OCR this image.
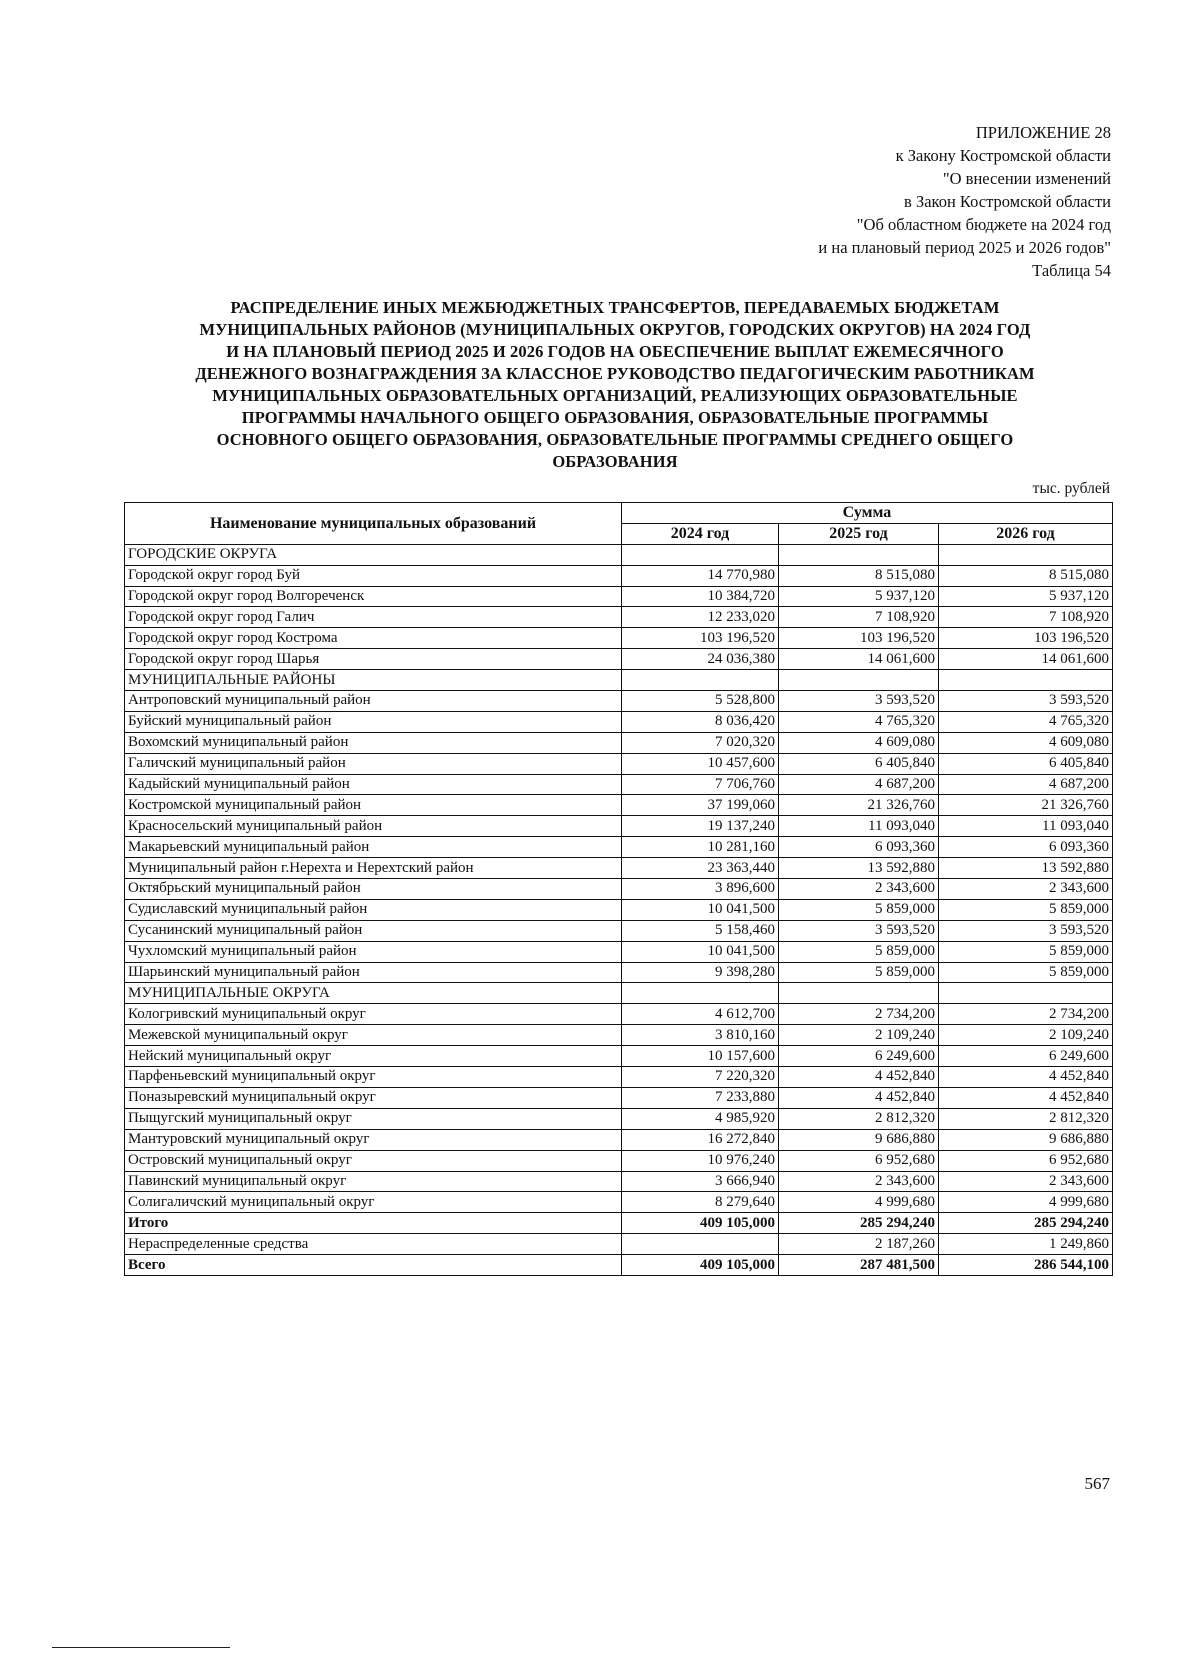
ПРИЛОЖЕНИЕ 28
к Закону Костромской области
"О внесении изменений
в Закон Костромской области
"Об областном бюджете на 2024 год
и на плановый период 2025 и 2026 годов"
Таблица 54
РАСПРЕДЕЛЕНИЕ ИНЫХ МЕЖБЮДЖЕТНЫХ ТРАНСФЕРТОВ, ПЕРЕДАВАЕМЫХ БЮДЖЕТАМ
МУНИЦИПАЛЬНЫХ РАЙОНОВ (МУНИЦИПАЛЬНЫХ ОКРУГОВ, ГОРОДСКИХ ОКРУГОВ) НА 2024 ГОД
И НА ПЛАНОВЫЙ ПЕРИОД 2025 И 2026 ГОДОВ НА ОБЕСПЕЧЕНИЕ ВЫПЛАТ ЕЖЕМЕСЯЧНОГО
ДЕНЕЖНОГО ВОЗНАГРАЖДЕНИЯ ЗА КЛАССНОЕ РУКОВОДСТВО ПЕДАГОГИЧЕСКИМ РАБОТНИКАМ
МУНИЦИПАЛЬНЫХ ОБРАЗОВАТЕЛЬНЫХ ОРГАНИЗАЦИЙ, РЕАЛИЗУЮЩИХ ОБРАЗОВАТЕЛЬНЫЕ
ПРОГРАММЫ НАЧАЛЬНОГО ОБЩЕГО ОБРАЗОВАНИЯ, ОБРАЗОВАТЕЛЬНЫЕ ПРОГРАММЫ
ОСНОВНОГО ОБЩЕГО ОБРАЗОВАНИЯ, ОБРАЗОВАТЕЛЬНЫЕ ПРОГРАММЫ СРЕДНЕГО ОБЩЕГО
ОБРАЗОВАНИЯ
тыс. рублей
Наименование муниципальных образований	Сумма		
	2024 год	2025 год	2026 год
ГОРОДСКИЕ ОКРУГА			
Городской округ город Буй	14 770,980	8 515,080	8 515,080
Городской округ город Волгореченск	10 384,720	5 937,120	5 937,120
Городской округ город Галич	12 233,020	7 108,920	7 108,920
Городской округ город Кострома	103 196,520	103 196,520	103 196,520
Городской округ город Шарья	24 036,380	14 061,600	14 061,600
МУНИЦИПАЛЬНЫЕ РАЙОНЫ			
Антроповский муниципальный район	5 528,800	3 593,520	3 593,520
Буйский муниципальный район	8 036,420	4 765,320	4 765,320
Вохомский муниципальный район	7 020,320	4 609,080	4 609,080
Галичский муниципальный район	10 457,600	6 405,840	6 405,840
Кадыйский муниципальный район	7 706,760	4 687,200	4 687,200
Костромской муниципальный район	37 199,060	21 326,760	21 326,760
Красносельский муниципальный район	19 137,240	11 093,040	11 093,040
Макарьевский муниципальный район	10 281,160	6 093,360	6 093,360
Муниципальный район г.Нерехта и Нерехтский район	23 363,440	13 592,880	13 592,880
Октябрьский муниципальный район	3 896,600	2 343,600	2 343,600
Судиславский муниципальный район	10 041,500	5 859,000	5 859,000
Сусанинский муниципальный район	5 158,460	3 593,520	3 593,520
Чухломский муниципальный район	10 041,500	5 859,000	5 859,000
Шарьинский муниципальный район	9 398,280	5 859,000	5 859,000
МУНИЦИПАЛЬНЫЕ ОКРУГА			
Кологривский муниципальный округ	4 612,700	2 734,200	2 734,200
Межевской муниципальный округ	3 810,160	2 109,240	2 109,240
Нейский муниципальный округ	10 157,600	6 249,600	6 249,600
Парфеньевский муниципальный округ	7 220,320	4 452,840	4 452,840
Поназыревский муниципальный округ	7 233,880	4 452,840	4 452,840
Пыщугский муниципальный округ	4 985,920	2 812,320	2 812,320
Мантуровский муниципальный округ	16 272,840	9 686,880	9 686,880
Островский муниципальный округ	10 976,240	6 952,680	6 952,680
Павинский муниципальный округ	3 666,940	2 343,600	2 343,600
Солигаличский муниципальный округ	8 279,640	4 999,680	4 999,680
Итого	409 105,000	285 294,240	285 294,240
Нераспределенные средства		2 187,260	1 249,860
Всего	409 105,000	287 481,500	286 544,100
567
